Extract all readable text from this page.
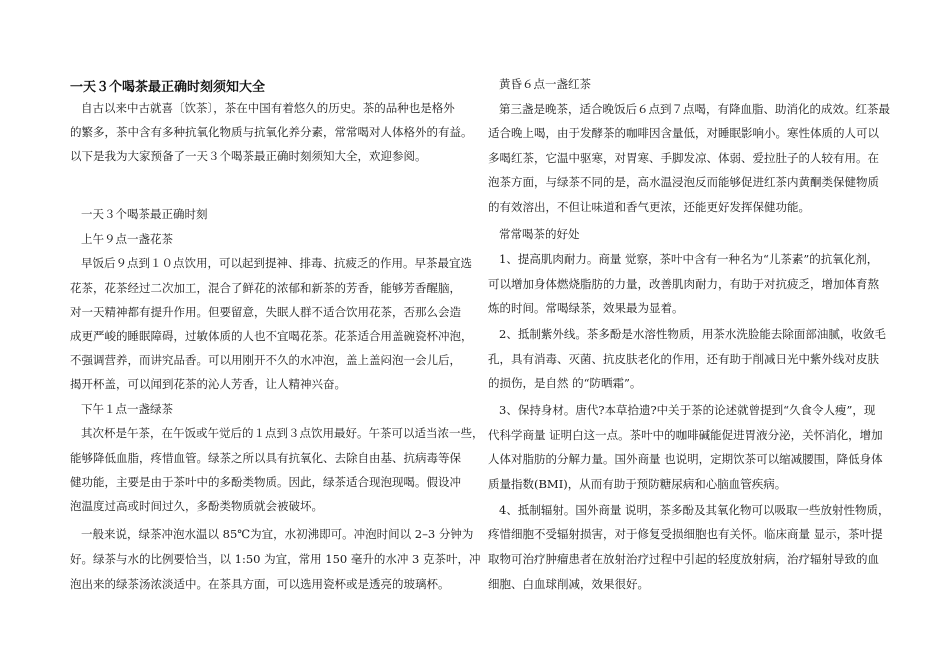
一天３个喝茶最正确时刻须知大全
自古以来中古就喜〔饮茶〕，茶在中国有着悠久的历史。茶的品种也是格外
的繁多，茶中含有多种抗氧化物质与抗氧化养分素，常常喝对人体格外的有益。
以下是我为大家预备了一天３个喝茶最正确时刻须知大全，欢迎参阅。
一天３个喝茶最正确时刻
上午９点一盏花茶
早饭后９点到１０点饮用，可以起到提神、排毒、抗疲乏的作用。早茶最宜选
花茶，花茶经过二次加工，混合了鲜花的浓郁和新茶的芳香，能够芳香醒脑，
对一天精神都有提升作用。但要留意，失眠人群不适合饮用花茶，否那么会造
成更严峻的睡眠障碍，过敏体质的人也不宜喝花茶。花茶适合用盖碗瓷杯冲泡，
不强调营养，而讲究品香。可以用刚开不久的水冲泡，盖上盖闷泡一会儿后，
揭开杯盖，可以闻到花茶的沁人芳香，让人精神兴奋。
下午１点一盏绿茶
其次杯是午茶，在午饭或午觉后的１点到３点饮用最好。午茶可以适当浓一些，
能够降低血脂，疼惜血管。绿茶之所以具有抗氧化、去除自由基、抗病毒等保
健功能，主要是由于茶叶中的多酚类物质。因此，绿茶适合现泡现喝。假设冲
泡温度过高或时间过久，多酚类物质就会被破坏。
一般来说，绿茶冲泡水温以 85℃为宜，水初沸即可。冲泡时间以 2–3 分钟为
好。绿茶与水的比例要恰当，以 1:50 为宜，常用 150 毫升的水冲 3 克茶叶，冲
泡出来的绿茶汤浓淡适中。在茶具方面，可以选用瓷杯或是透亮的玻璃杯。
黄昏６点一盏红茶
第三盏是晚茶，适合晚饭后６点到７点喝，有降血脂、助消化的成效。红茶最
适合晚上喝，由于发酵茶的咖啡因含量低，对睡眠影响小。寒性体质的人可以
多喝红茶，它温中驱寒，对胃寒、手脚发凉、体弱、爱拉肚子的人较有用。在
泡茶方面，与绿茶不同的是，高水温浸泡反而能够促进红茶内黄酮类保健物质
的有效溶出，不但让味道和香气更浓，还能更好发挥保健功能。
常常喝茶的好处
1、提高肌肉耐力。商量 觉察，茶叶中含有一种名为“儿茶素”的抗氧化剂，
可以增加身体燃烧脂肪的力量，改善肌肉耐力，有助于对抗疲乏，增加体育熬
炼的时间。常喝绿茶，效果最为显着。
2、抵制紫外线。茶多酚是水溶性物质，用茶水洗脸能去除面部油腻，收敛毛
孔，具有消毒、灭菌、抗皮肤老化的作用，还有助于削减日光中紫外线对皮肤
的损伤，是自然 的“防晒霜”。
3、保持身材。唐代?本草拾遗?中关于茶的论述就曾提到“久食令人瘦”，现
代科学商量 证明白这一点。茶叶中的咖啡碱能促进胃液分泌，关怀消化，增加
人体对脂肪的分解力量。国外商量 也说明，定期饮茶可以缩减腰围，降低身体
质量指数(BMI)，从而有助于预防糖尿病和心脑血管疾病。
4、抵制辐射。国外商量 说明，茶多酚及其氧化物可以吸取一些放射性物质，
疼惜细胞不受辐射损害，对于修复受损细胞也有关怀。临床商量 显示，茶叶提
取物可治疗肿瘤患者在放射治疗过程中引起的轻度放射病，治疗辐射导致的血
细胞、白血球削减，效果很好。
